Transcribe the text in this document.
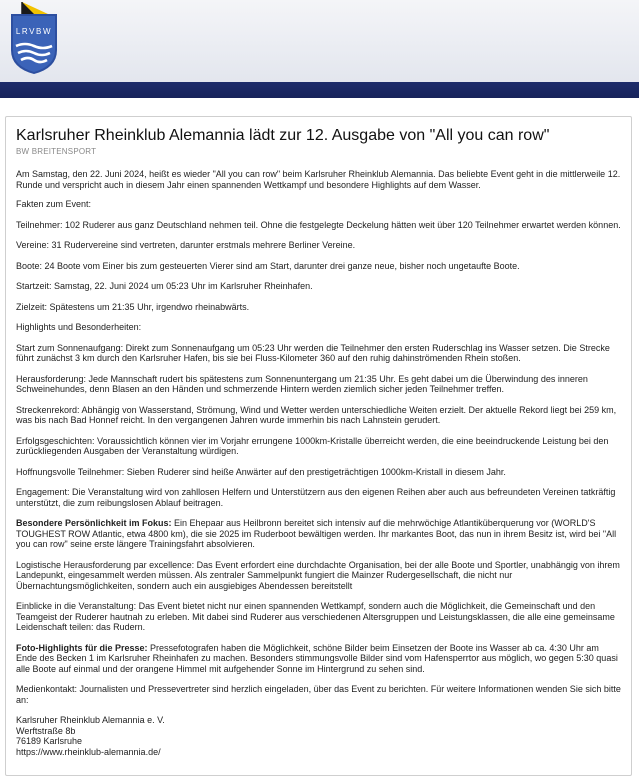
LRVBW
Karlsruher Rheinklub Alemannia lädt zur 12. Ausgabe von "All you can row"
BW BREITENSPORT

Am Samstag, den 22. Juni 2024, heißt es wieder "All you can row" beim Karlsruher Rheinklub Alemannia. Das beliebte Event geht in die mittlerweile 12. Runde und verspricht auch in diesem Jahr einen spannenden Wettkampf und besondere Highlights auf dem Wasser.

Fakten zum Event:

Teilnehmer: 102 Ruderer aus ganz Deutschland nehmen teil. Ohne die festgelegte Deckelung hätten weit über 120 Teilnehmer erwartet werden können.

Vereine: 31 Rudervereine sind vertreten, darunter erstmals mehrere Berliner Vereine.

Boote: 24 Boote vom Einer bis zum gesteuerten Vierer sind am Start, darunter drei ganze neue, bisher noch ungetaufte Boote.

Startzeit: Samstag, 22. Juni 2024 um 05:23 Uhr im Karlsruher Rheinhafen.

Zielzeit: Spätestens um 21:35 Uhr, irgendwo rheinabwärts.

Highlights und Besonderheiten:

Start zum Sonnenaufgang: Direkt zum Sonnenaufgang um 05:23 Uhr werden die Teilnehmer den ersten Ruderschlag ins Wasser setzen. Die Strecke führt zunächst 3 km durch den Karlsruher Hafen, bis sie bei Fluss-Kilometer 360 auf den ruhig dahinströmenden Rhein stoßen.

Herausforderung: Jede Mannschaft rudert bis spätestens zum Sonnenuntergang um 21:35 Uhr. Es geht dabei um die Überwindung des inneren Schweinehundes, denn Blasen an den Händen und schmerzende Hintern werden ziemlich sicher jeden Teilnehmer treffen.

Streckenrekord: Abhängig von Wasserstand, Strömung, Wind und Wetter werden unterschiedliche Weiten erzielt. Der aktuelle Rekord liegt bei 259 km, was bis nach Bad Honnef reicht. In den vergangenen Jahren wurde immerhin bis nach Lahnstein gerudert.

Erfolgsgeschichten: Voraussichtlich können vier im Vorjahr errungene 1000km-Kristalle überreicht werden, die eine beeindruckende Leistung bei den zurückliegenden Ausgaben der Veranstaltung würdigen.

Hoffnungsvolle Teilnehmer: Sieben Ruderer sind heiße Anwärter auf den prestigeträchtigen 1000km-Kristall in diesem Jahr.

Engagement: Die Veranstaltung wird von zahllosen Helfern und Unterstützern aus den eigenen Reihen aber auch aus befreundeten Vereinen tatkräftig unterstützt, die zum reibungslosen Ablauf beitragen.

Besondere Persönlichkeit im Fokus: Ein Ehepaar aus Heilbronn bereitet sich intensiv auf die mehrwöchige Atlantiküberquerung vor (WORLD'S TOUGHEST ROW Atlantic, etwa 4800 km), die sie 2025 im Ruderboot bewältigen werden. Ihr markantes Boot, das nun in ihrem Besitz ist, wird bei "All you can row" seine erste längere Trainingsfahrt absolvieren.

Logistische Herausforderung par excellence: Das Event erfordert eine durchdachte Organisation, bei der alle Boote und Sportler, unabhängig von ihrem Landepunkt, eingesammelt werden müssen. Als zentraler Sammelpunkt fungiert die Mainzer Rudergesellschaft, die nicht nur Übernachtungsmöglichkeiten, sondern auch ein ausgiebiges Abendessen bereitstellt

Einblicke in die Veranstaltung: Das Event bietet nicht nur einen spannenden Wettkampf, sondern auch die Möglichkeit, die Gemeinschaft und den Teamgeist der Ruderer hautnah zu erleben. Mit dabei sind Ruderer aus verschiedenen Altersgruppen und Leistungsklassen, die alle eine gemeinsame Leidenschaft teilen: das Rudern.

Foto-Highlights für die Presse: Pressefotografen haben die Möglichkeit, schöne Bilder beim Einsetzen der Boote ins Wasser ab ca. 4:30 Uhr am Ende des Becken 1 im Karlsruher Rheinhafen zu machen. Besonders stimmungsvolle Bilder sind vom Hafensperrtor aus möglich, wo gegen 5:30 quasi alle Boote auf einmal und der orangene Himmel mit aufgehender Sonne im Hintergrund zu sehen sind.

Medienkontakt: Journalisten und Pressevertreter sind herzlich eingeladen, über das Event zu berichten. Für weitere Informationen wenden Sie sich bitte an:

Karlsruher Rheinklub Alemannia e. V.
Werftstraße 8b
76189 Karlsruhe
https://www.rheinklub-alemannia.de/
